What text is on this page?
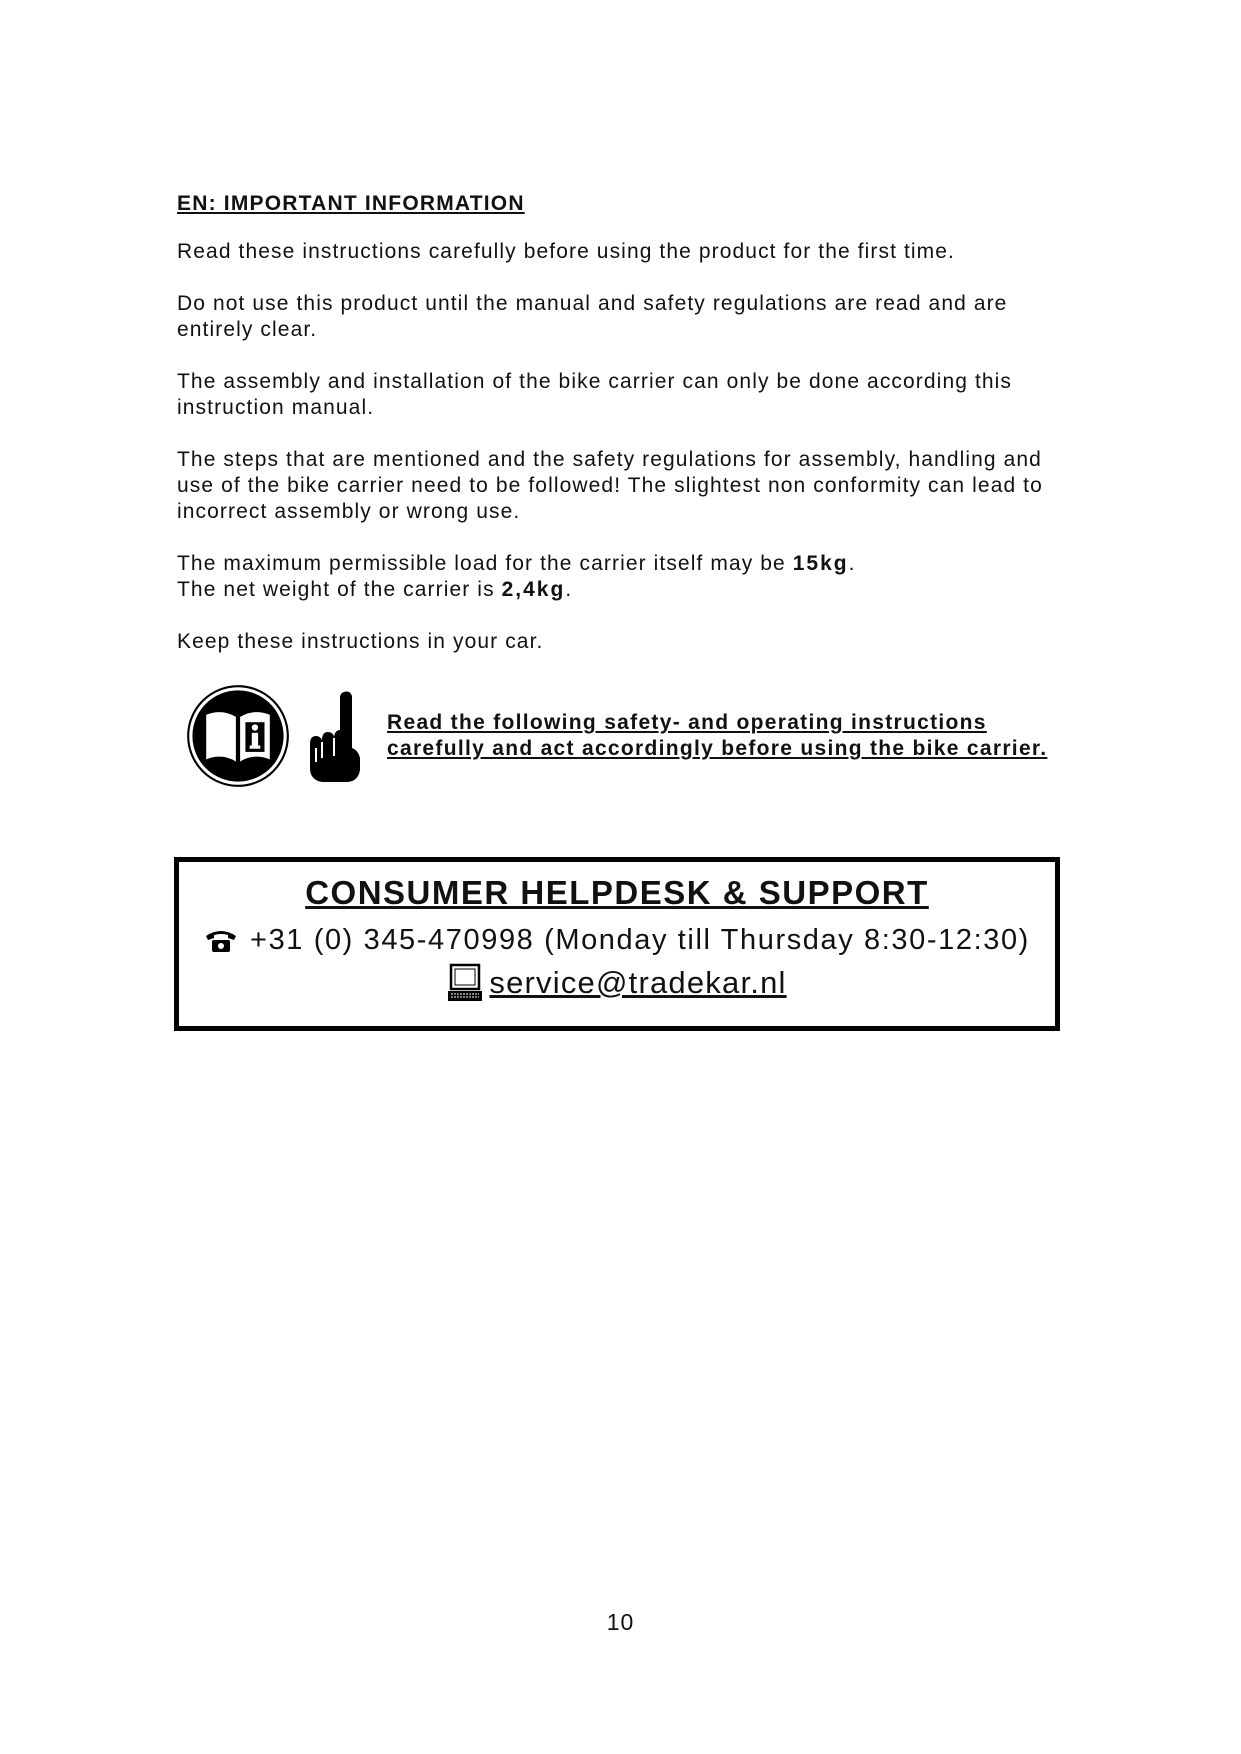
EN: IMPORTANT INFORMATION

Read these instructions carefully before using the product for the first time.

Do not use this product until the manual and safety regulations are read and are entirely clear.

The assembly and installation of the bike carrier can only be done according this instruction manual.

The steps that are mentioned and the safety regulations for assembly, handling and use of the bike carrier need to be followed! The slightest non conformity can lead to incorrect assembly or wrong use.

The maximum permissible load for the carrier itself may be 15kg.
The net weight of the carrier is 2,4kg.

Keep these instructions in your car.

Read the following safety- and operating instructions carefully and act accordingly before using the bike carrier.
CONSUMER HELPDESK & SUPPORT
+31 (0) 345-470998 (Monday till Thursday 8:30-12:30)
service@tradekar.nl
10
